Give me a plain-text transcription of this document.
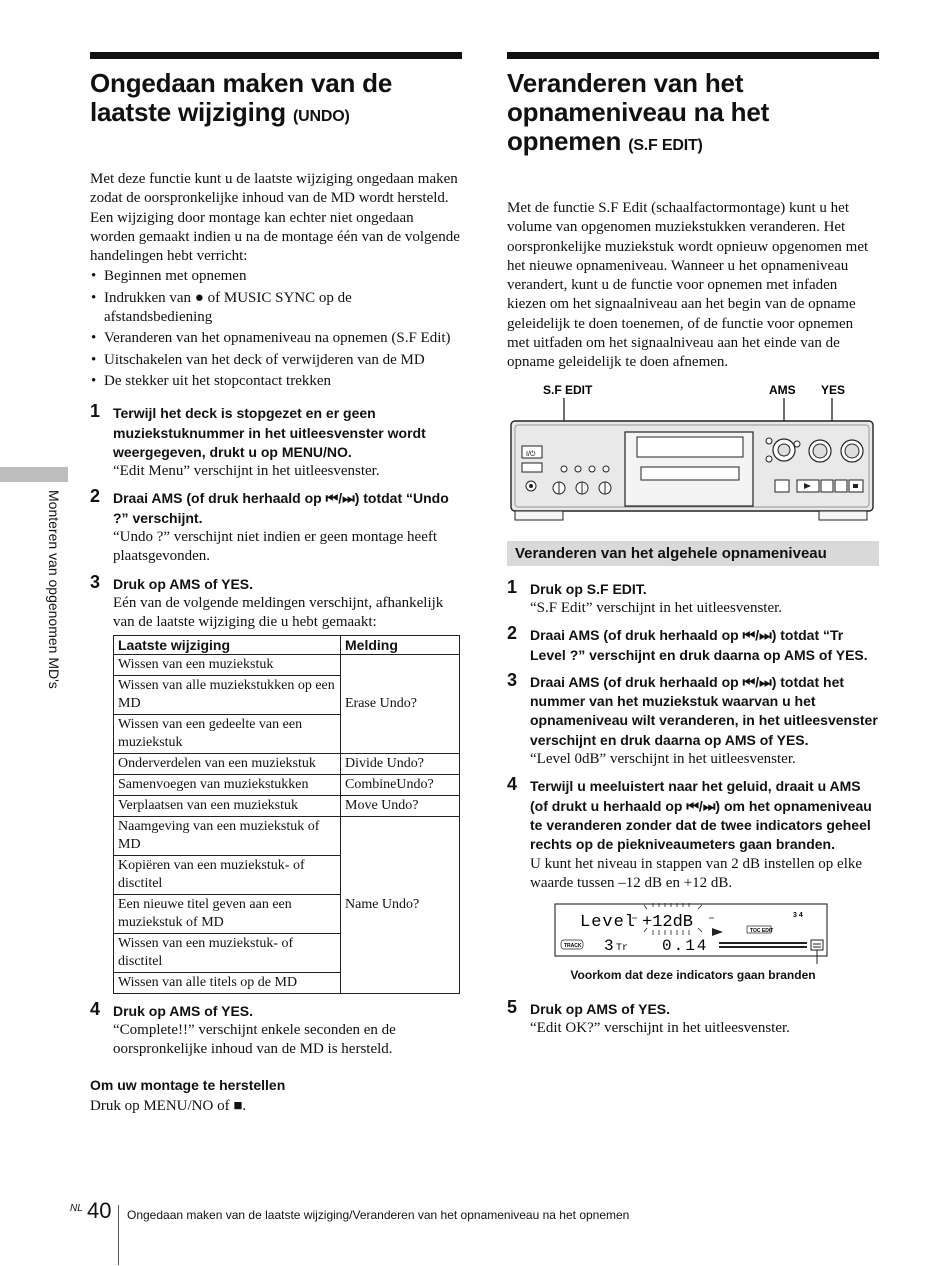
Ongedaan maken van de laatste wijziging (UNDO)

Met deze functie kunt u de laatste wijziging ongedaan maken zodat de oorspronkelijke inhoud van de MD wordt hersteld. Een wijziging door montage kan echter niet ongedaan worden gemaakt indien u na de montage één van de volgende handelingen hebt verricht:

• Beginnen met opnemen
• Indrukken van ● of MUSIC SYNC op de afstandsbediening
• Veranderen van het opnameniveau na opnemen (S.F Edit)
• Uitschakelen van het deck of verwijderen van de MD
• De stekker uit het stopcontact trekken
1 Terwijl het deck is stopgezet en er geen muziekstuknummer in het uitleesvenster wordt weergegeven, drukt u op MENU/NO.
“Edit Menu” verschijnt in het uitleesvenster.
2 Draai AMS (of druk herhaald op ⏮/⏭) totdat “Undo ?” verschijnt.
“Undo ?” verschijnt niet indien er geen montage heeft plaatsgevonden.
3 Druk op AMS of YES.
Eén van de volgende meldingen verschijnt, afhankelijk van de laatste wijziging die u hebt gemaakt:
Laatste wijziging	Melding
Wissen van een muziekstuk	Erase Undo?
Wissen van alle muziekstukken op een MD	
Wissen van een gedeelte van een muziekstuk	
Onderverdelen van een muziekstuk	Divide Undo?
Samenvoegen van muziekstukken	CombineUndo?
Verplaatsen van een muziekstuk	Move Undo?
Naamgeving van een muziekstuk of MD	Name Undo?
Kopiëren van een muziekstuk- of disctitel	
Een nieuwe titel geven aan een muziekstuk of MD	
Wissen van een muziekstuk- of disctitel	
Wissen van alle titels op de MD	
4 Druk op AMS of YES.
“Complete!!” verschijnt enkele seconden en de oorspronkelijke inhoud van de MD is hersteld.
Om uw montage te herstellen

Druk op MENU/NO of ■.

Veranderen van het
opnameniveau na het
opnemen (S.F EDIT)

Met de functie S.F Edit (schaalfactormontage) kunt u het volume van opgenomen muziekstukken veranderen. Het oorspronkelijke muziekstuk wordt opnieuw opgenomen met het nieuwe opnameniveau. Wanneer u het opnameniveau verandert, kunt u de functie voor opnemen met infaden kiezen om het signaalniveau aan het begin van de opname geleidelijk te doen toenemen, of de functie voor opnemen met uitfaden om het signaalniveau aan het einde van de opname geleidelijk te doen afnemen.

S.F EDIT	AMS YES
I/⏻
Veranderen van het algehele opnameniveau
1 Druk op S.F EDIT.
“S.F Edit” verschijnt in het uitleesvenster.
2 Draai AMS (of druk herhaald op ⏮/⏭) totdat “Tr Level ?” verschijnt en druk daarna op AMS of YES.
3 Draai AMS (of druk herhaald op ⏮/⏭) totdat het nummer van het muziekstuk waarvan u het opnameniveau wilt veranderen, in het uitleesvenster verschijnt en druk daarna op AMS of YES.
“Level 0dB” verschijnt in het uitleesvenster.
4 Terwijl u meeluistert naar het geluid, draait u AMS (of drukt u herhaald op ⏮/⏭) om het opnameniveau te veranderen zonder dat de twee indicators geheel rechts op de piekniveaumeters gaan branden.
U kunt het niveau in stappen van 2 dB instellen op elke waarde tussen –12 dB en +12 dB.
Level +12dB	3 4
TOC EDIT
TRACK 3 Tr 0.14
Voorkom dat deze indicators gaan branden
5 Druk op AMS of YES.
“Edit OK?” verschijnt in het uitleesvenster.
Monteren van opgenomen MD's
NL 40 Ongedaan maken van de laatste wijziging/Veranderen van het opnameniveau na het opnemen
